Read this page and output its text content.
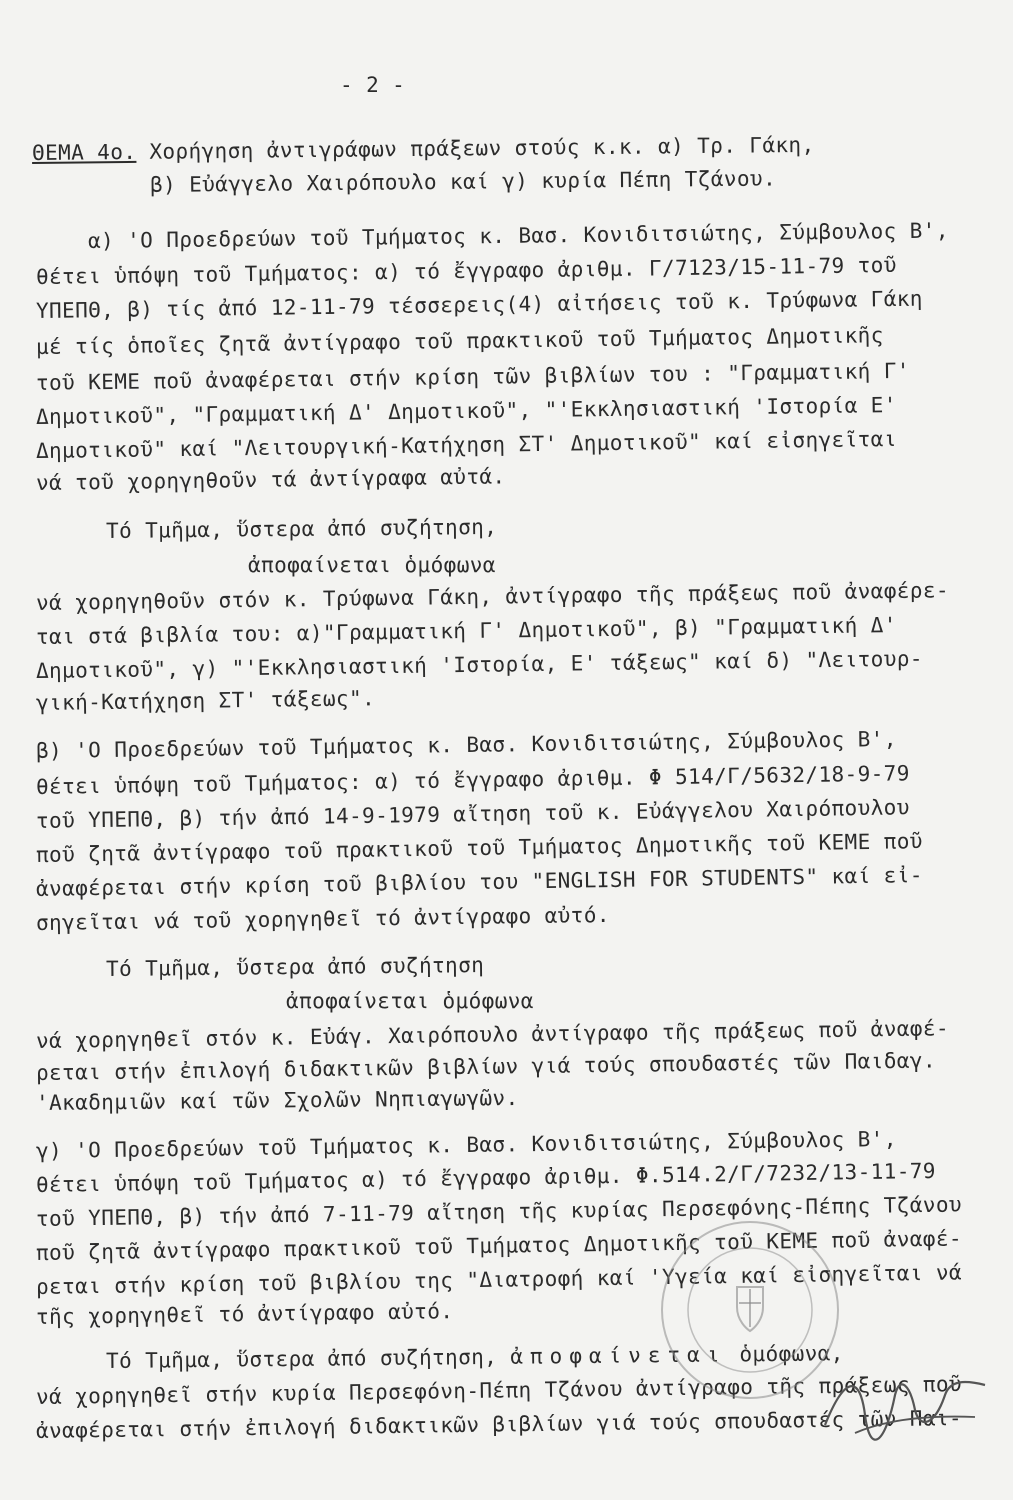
- 2 -
ΘΕΜΑ 4ο. Χορήγηση ἀντιγράφων πράξεων στούς κ.κ. α) Τρ. Γάκη,
β) Εὐάγγελο Χαιρόπουλο καί γ) κυρία Πέπη Τζάνου.
α) 'Ο Προεδρεύων τοῦ Τμήματος κ. Βασ. Κονιδιτσιώτης, Σύμβουλος Β',
θέτει ὑπόψη τοῦ Τμήματος: α) τό ἔγγραφο ἀριθμ. Γ/7123/15-11-79 τοῦ
ΥΠΕΠΘ, β) τίς ἀπό 12-11-79 τέσσερεις(4) αἰτήσεις τοῦ κ. Τρύφωνα Γάκη
μέ τίς ὁποῖες ζητᾶ ἀντίγραφο τοῦ πρακτικοῦ τοῦ Τμήματος Δημοτικῆς
τοῦ ΚΕΜΕ ποῦ ἀναφέρεται στήν κρίση τῶν βιβλίων του : "Γραμματική Γ'
Δημοτικοῦ", "Γραμματική Δ' Δημοτικοῦ", "'Εκκλησιαστική 'Ιστορία Ε'
Δημοτικοῦ" καί "Λειτουργική-Κατήχηση ΣΤ' Δημοτικοῦ" καί εἰσηγεῖται
νά τοῦ χορηγηθοῦν τά ἀντίγραφα αὐτά.
Τό Τμῆμα, ὕστερα ἀπό συζήτηση,
ἀποφαίνεται ὁμόφωνα
νά χορηγηθοῦν στόν κ. Τρύφωνα Γάκη, ἀντίγραφο τῆς πράξεως ποῦ ἀναφέρε-
ται στά βιβλία του: α)"Γραμματική Γ' Δημοτικοῦ", β) "Γραμματική Δ'
Δημοτικοῦ", γ) "'Εκκλησιαστική 'Ιστορία, Ε' τάξεως" καί δ) "Λειτουρ-
γική-Κατήχηση ΣΤ' τάξεως".
β) 'Ο Προεδρεύων τοῦ Τμήματος κ. Βασ. Κονιδιτσιώτης, Σύμβουλος Β',
θέτει ὑπόψη τοῦ Τμήματος: α) τό ἔγγραφο ἀριθμ. Φ 514/Γ/5632/18-9-79
τοῦ ΥΠΕΠΘ, β) τήν ἀπό 14-9-1979 αἴτηση τοῦ κ. Εὐάγγελου Χαιρόπουλου
ποῦ ζητᾶ ἀντίγραφο τοῦ πρακτικοῦ τοῦ Τμήματος Δημοτικῆς τοῦ ΚΕΜΕ ποῦ
ἀναφέρεται στήν κρίση τοῦ βιβλίου του "ENGLISH FOR STUDENTS" καί εἰ-
σηγεῖται νά τοῦ χορηγηθεῖ τό ἀντίγραφο αὐτό.
Τό Τμῆμα, ὕστερα ἀπό συζήτηση
ἀποφαίνεται ὁμόφωνα
νά χορηγηθεῖ στόν κ. Εὐάγ. Χαιρόπουλο ἀντίγραφο τῆς πράξεως ποῦ ἀναφέ-
ρεται στήν ἐπιλογή διδακτικῶν βιβλίων γιά τούς σπουδαστές τῶν Παιδαγ.
'Ακαδημιῶν καί τῶν Σχολῶν Νηπιαγωγῶν.
γ) 'Ο Προεδρεύων τοῦ Τμήματος κ. Βασ. Κονιδιτσιώτης, Σύμβουλος Β',
θέτει ὑπόψη τοῦ Τμήματος α) τό ἔγγραφο ἀριθμ. Φ.514.2/Γ/7232/13-11-79
τοῦ ΥΠΕΠΘ, β) τήν ἀπό 7-11-79 αἴτηση τῆς κυρίας Περσεφόνης-Πέπης Τζάνου
ποῦ ζητᾶ ἀντίγραφο πρακτικοῦ τοῦ Τμήματος Δημοτικῆς τοῦ ΚΕΜΕ ποῦ ἀναφέ-
ρεται στήν κρίση τοῦ βιβλίου της "Διατροφή καί 'Υγεία καί εἰσηγεῖται νά
τῆς χορηγηθεῖ τό ἀντίγραφο αὐτό.
Τό Τμῆμα, ὕστερα ἀπό συζήτηση, ἀποφαίνεται ὁμόφωνα,
νά χορηγηθεῖ στήν κυρία Περσεφόνη-Πέπη Τζάνου ἀντίγραφο τῆς πράξεως ποῦ
ἀναφέρεται στήν ἐπιλογή διδακτικῶν βιβλίων γιά τούς σπουδαστές τῶν Παι-
